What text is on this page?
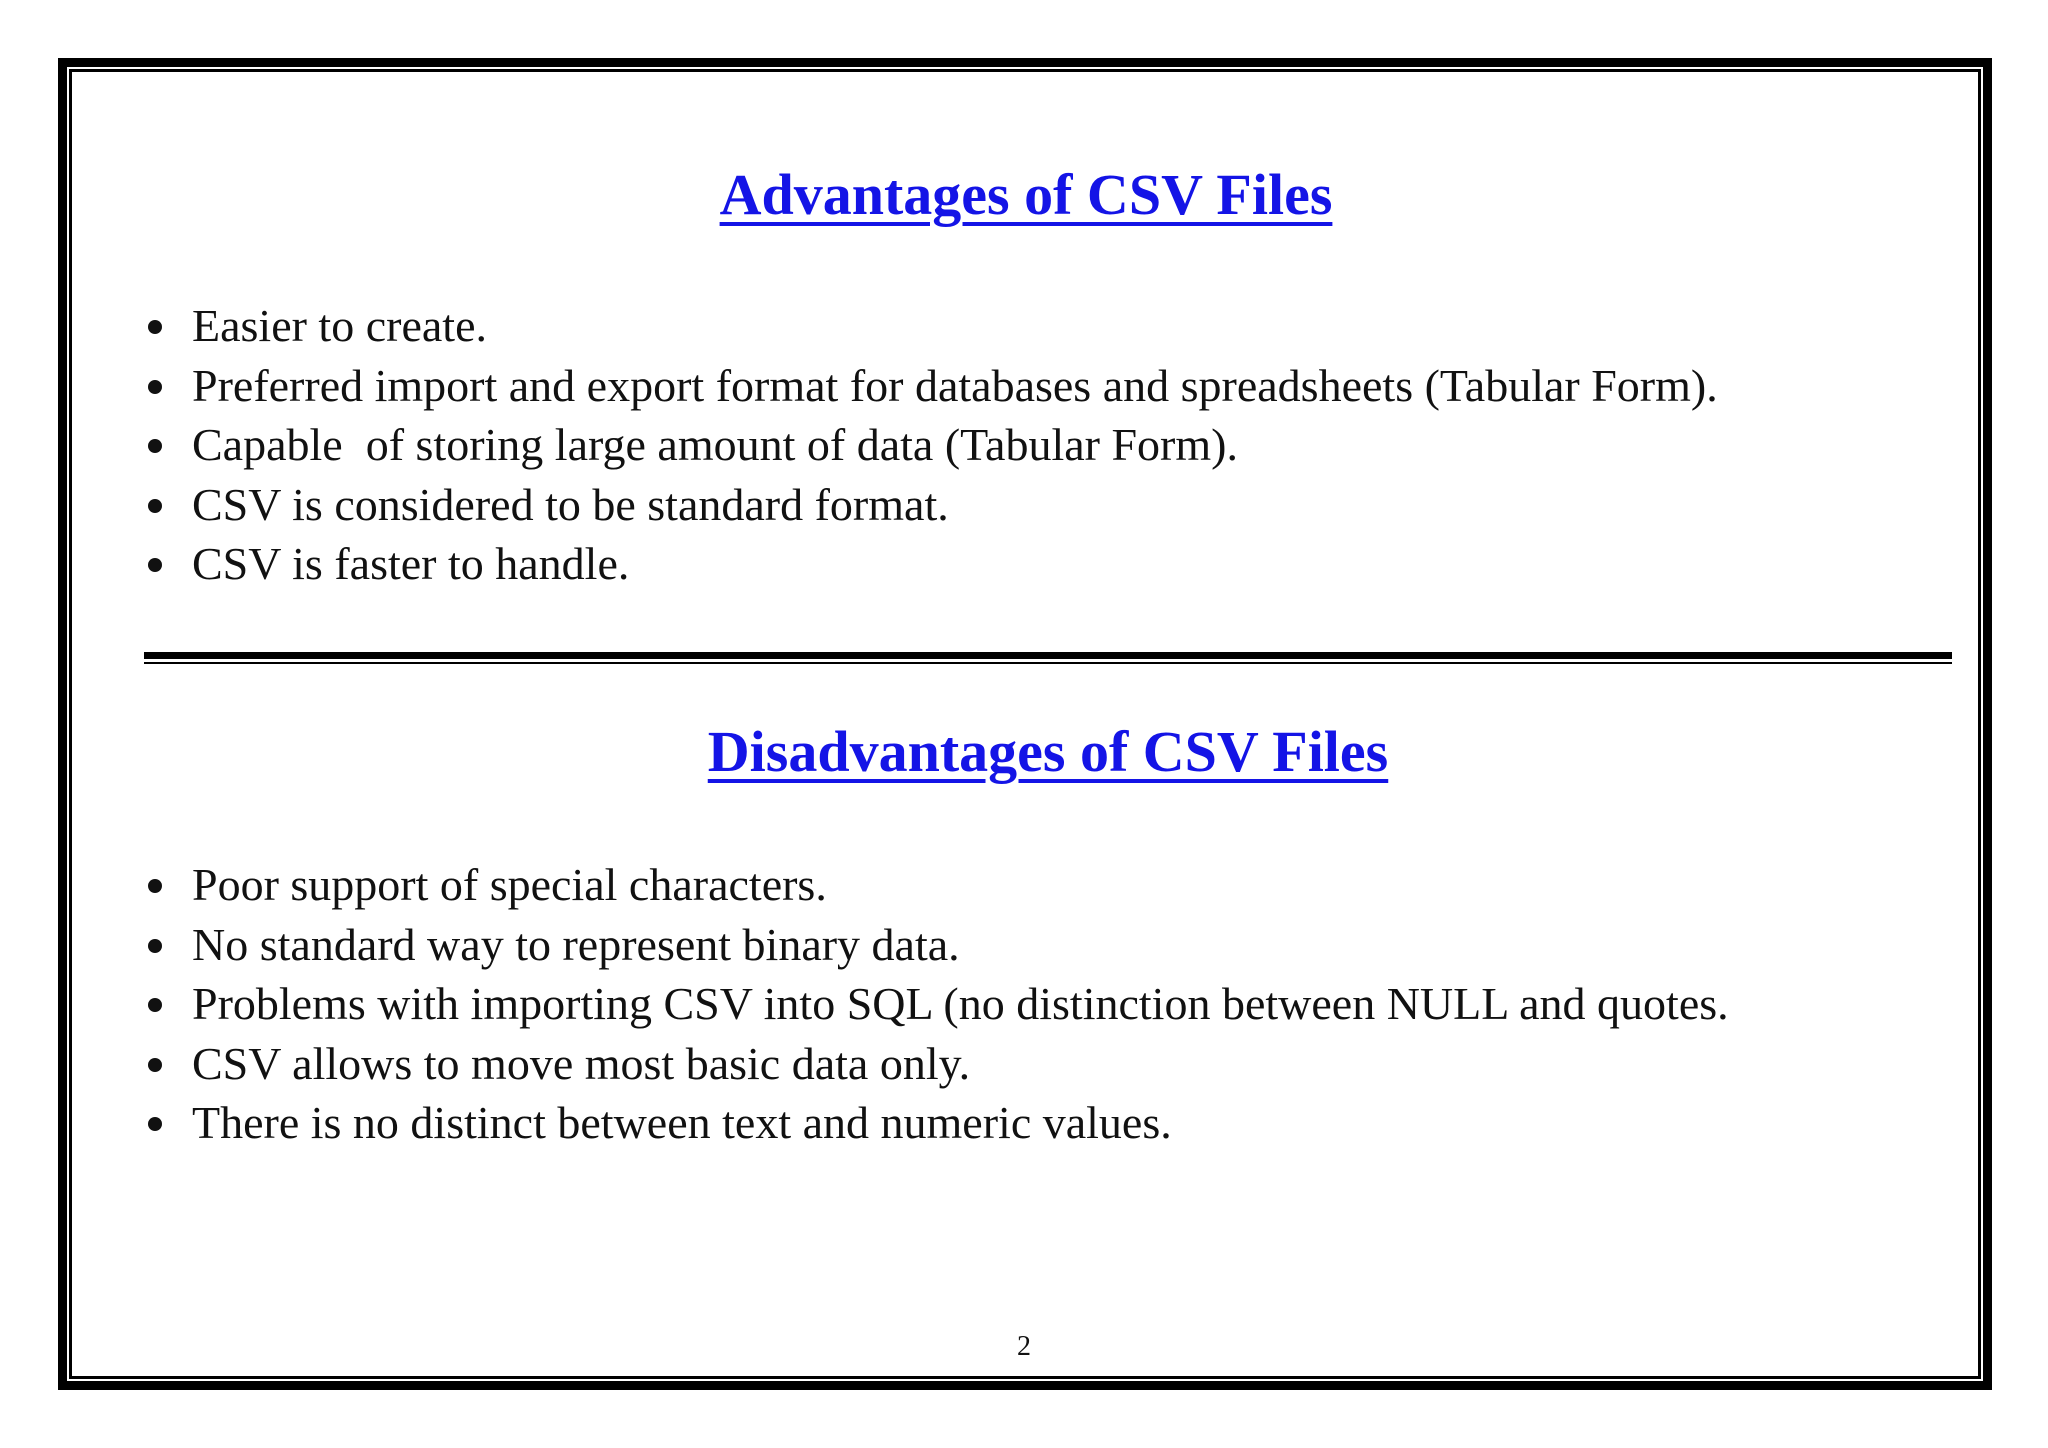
Advantages of CSV Files
Easier to create.
Preferred import and export format for databases and spreadsheets (Tabular Form).
Capable  of storing large amount of data (Tabular Form).
CSV is considered to be standard format.
CSV is faster to handle.
Disadvantages of CSV Files
Poor support of special characters.
No standard way to represent binary data.
Problems with importing CSV into SQL (no distinction between NULL and quotes.
CSV allows to move most basic data only.
There is no distinct between text and numeric values.
2
